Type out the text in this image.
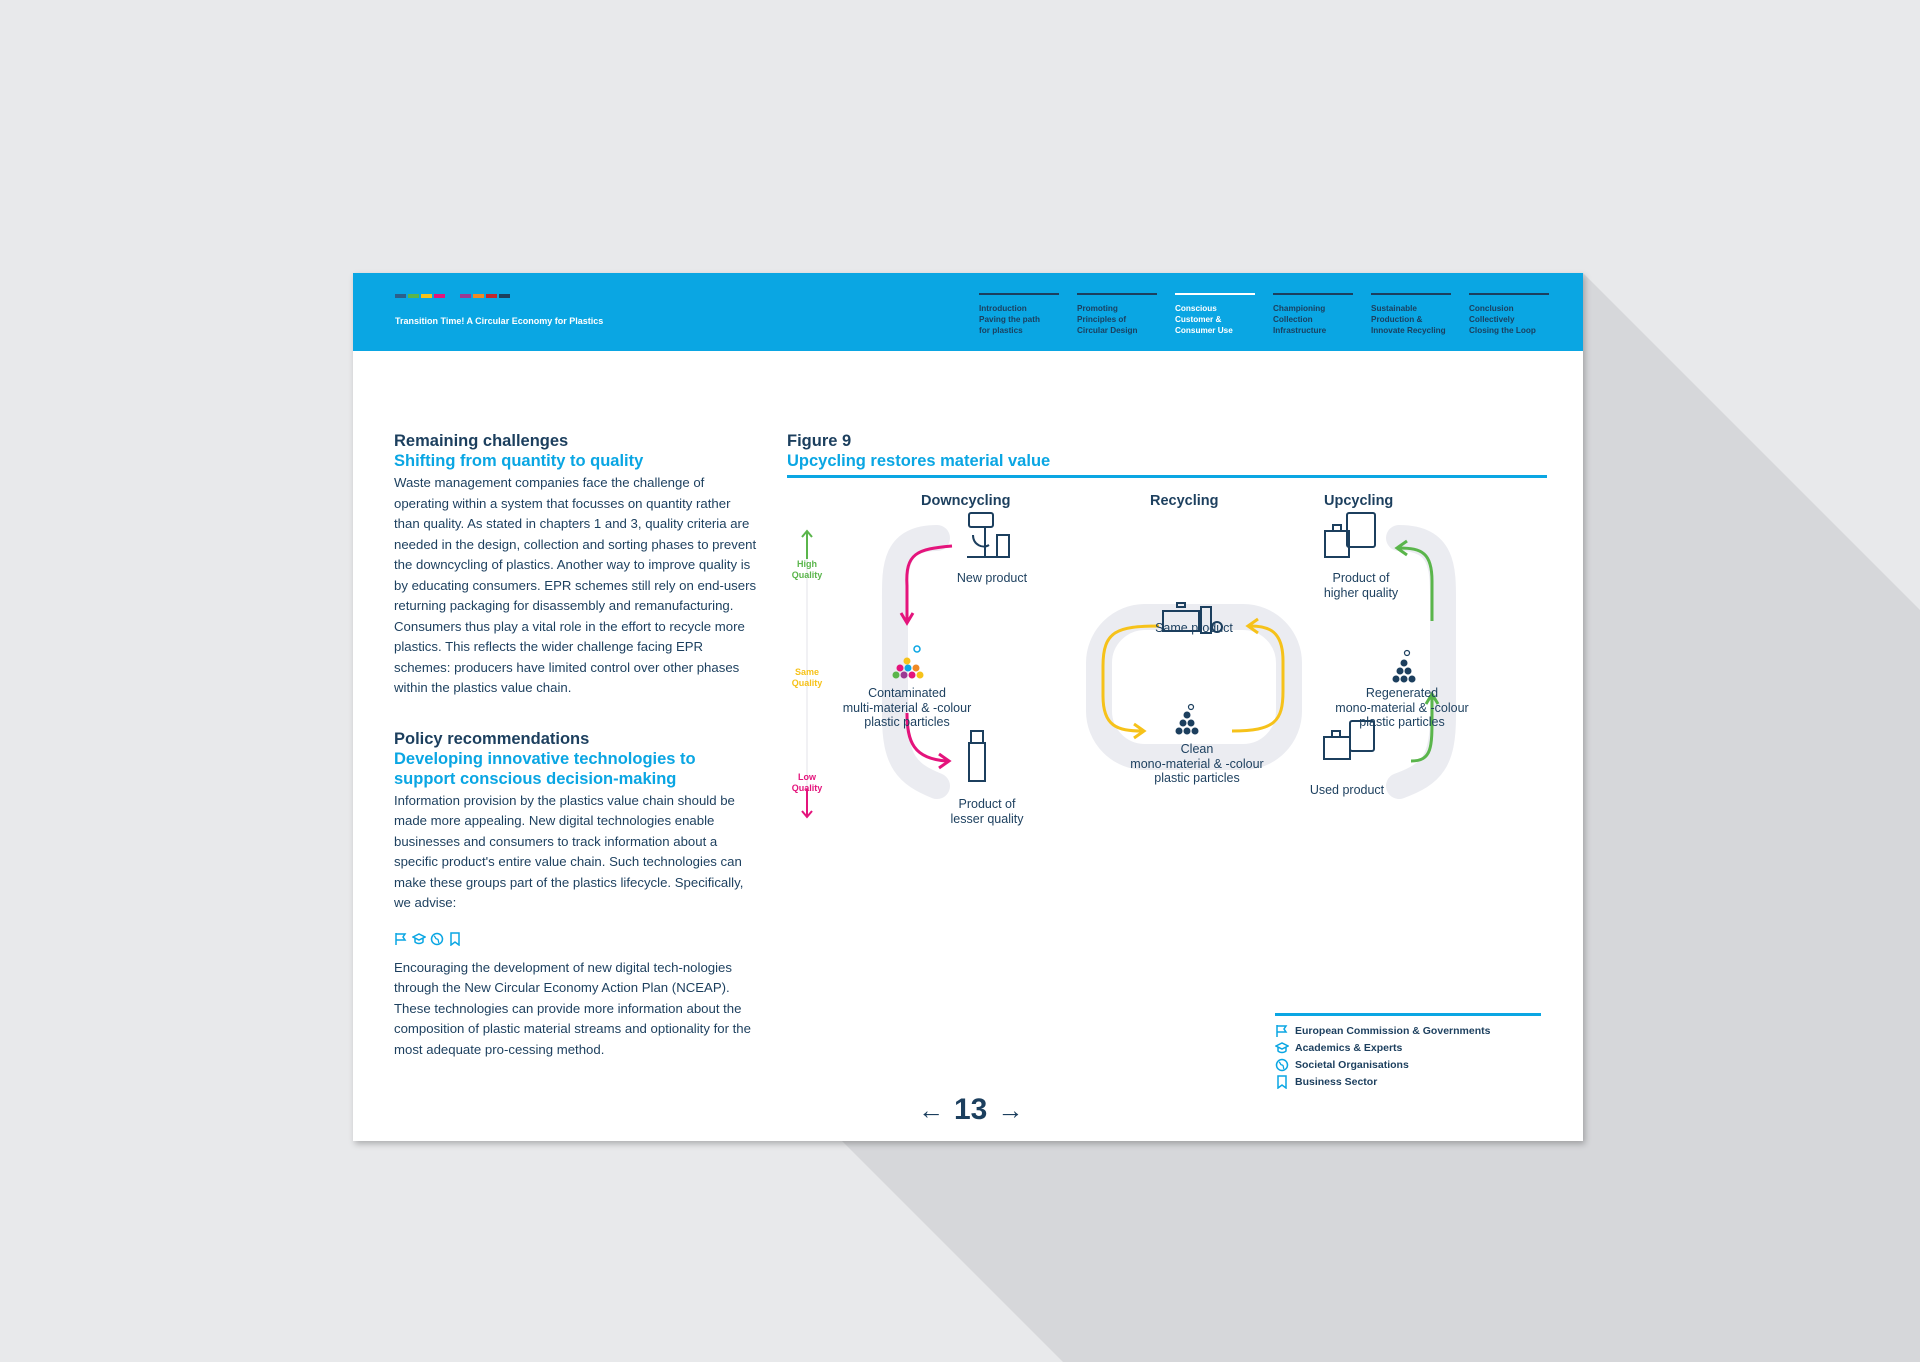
Transition Time! A Circular Economy for Plastics
Introduction
Paving the path
for plastics
Promoting
Principles of
Circular Design
Conscious
Customer &
Consumer Use
Championing
Collection
Infrastructure
Sustainable
Production &
Innovate Recycling
Conclusion
Collectively
Closing the Loop
Remaining challenges
Shifting from quantity to quality

Waste management companies face the challenge of operating within a system that focusses on quantity rather than quality. As stated in chapters 1 and 3, quality criteria are needed in the design, collection and sorting phases to prevent the downcycling of plastics. Another way to improve quality is by educating consumers. EPR schemes still rely on end-users returning packaging for disassembly and remanufacturing. Consumers thus play a vital role in the effort to recycle more plastics. This reflects the wider challenge facing EPR schemes: producers have limited control over other phases within the plastics value chain.

Policy recommendations
Developing innovative technologies to support conscious decision-making

Information provision by the plastics value chain should be made more appealing. New digital technologies enable businesses and consumers to track information about a specific product's entire value chain. Such technologies can make these groups part of the plastics lifecycle. Specifically, we advise:

Encouraging the development of new digital tech-nologies through the New Circular Economy Action Plan (NCEAP). These technologies can provide more information about the composition of plastic material streams and optionality for the most adequate pro-cessing method.

Figure 9
Upcycling restores material value
Downcycling	Recycling	Upcycling
High Quality
Same Quality
Low Quality
New product
Contaminated
multi-material & -colour
plastic particles
Product of
lesser quality
Same product
Clean
mono-material & -colour
plastic particles
Product of
higher quality
Regenerated
mono-material & -colour
plastic particles
Used product
European Commission & Governments
Academics & Experts
Societal Organisations
Business Sector
← 13 →
